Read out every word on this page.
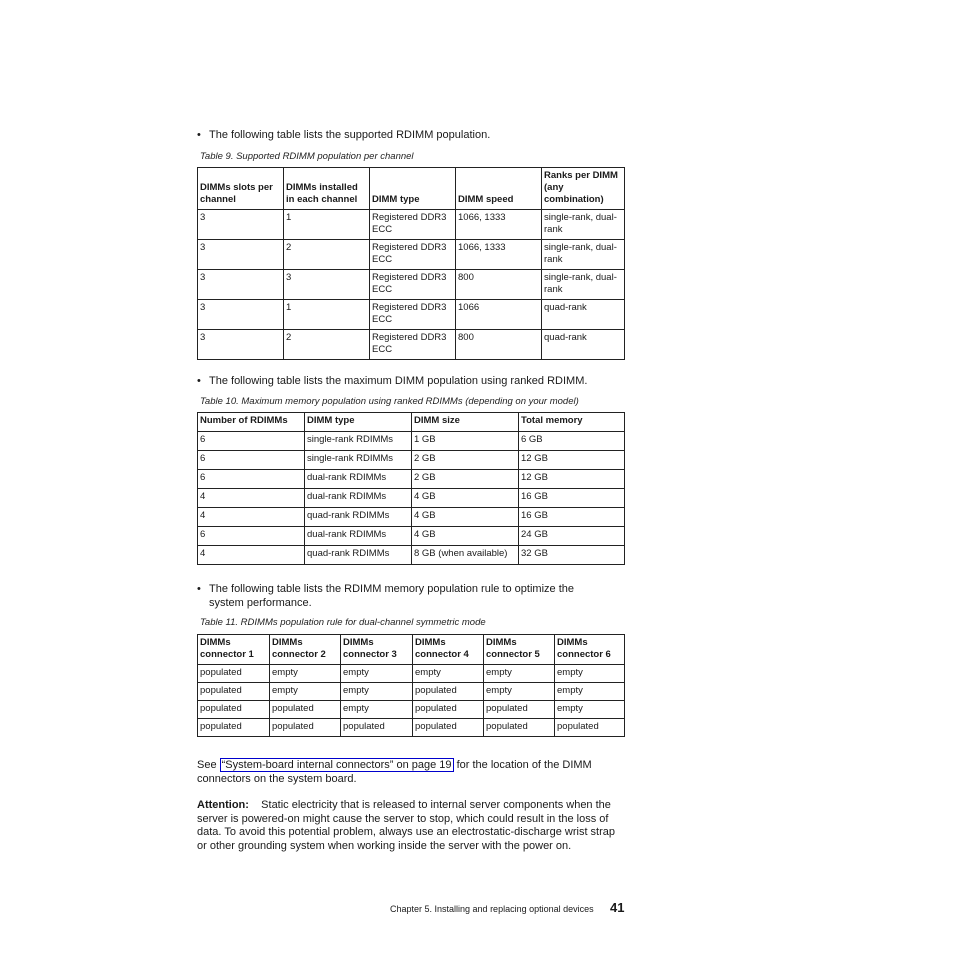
• The following table lists the supported RDIMM population.
Table 9. Supported RDIMM population per channel
DIMMs slots per channel	DIMMs installed in each channel	DIMM type	DIMM speed	Ranks per DIMM (any combination)
3	1	Registered DDR3 ECC	1066, 1333	single-rank, dual-rank
3	2	Registered DDR3 ECC	1066, 1333	single-rank, dual-rank
3	3	Registered DDR3 ECC	800	single-rank, dual-rank
3	1	Registered DDR3 ECC	1066	quad-rank
3	2	Registered DDR3 ECC	800	quad-rank
• The following table lists the maximum DIMM population using ranked RDIMM.
Table 10. Maximum memory population using ranked RDIMMs (depending on your model)
Number of RDIMMs	DIMM type	DIMM size	Total memory
6	single-rank RDIMMs	1 GB	6 GB
6	single-rank RDIMMs	2 GB	12 GB
6	dual-rank RDIMMs	2 GB	12 GB
4	dual-rank RDIMMs	4 GB	16 GB
4	quad-rank RDIMMs	4 GB	16 GB
6	dual-rank RDIMMs	4 GB	24 GB
4	quad-rank RDIMMs	8 GB (when available)	32 GB
• The following table lists the RDIMM memory population rule to optimize the system performance.
Table 11. RDIMMs population rule for dual-channel symmetric mode
DIMMs connector 1	DIMMs connector 2	DIMMs connector 3	DIMMs connector 4	DIMMs connector 5	DIMMs connector 6
populated	empty	empty	empty	empty	empty
populated	empty	empty	populated	empty	empty
populated	populated	empty	populated	populated	empty
populated	populated	populated	populated	populated	populated
See “System-board internal connectors” on page 19 for the location of the DIMM connectors on the system board.
Attention: Static electricity that is released to internal server components when the server is powered-on might cause the server to stop, which could result in the loss of data. To avoid this potential problem, always use an electrostatic-discharge wrist strap or other grounding system when working inside the server with the power on.
Chapter 5. Installing and replacing optional devices 41
